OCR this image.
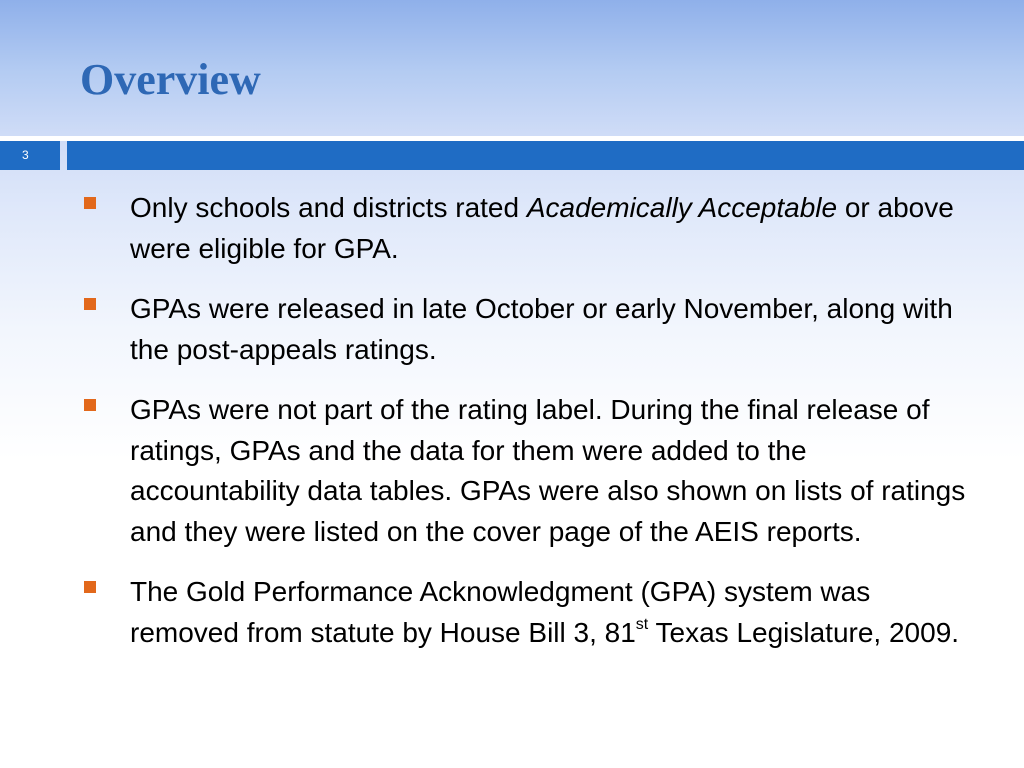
Overview
3
Only schools and districts rated Academically Acceptable or above were eligible for GPA.
GPAs were released in late October or early November, along with the post-appeals ratings.
GPAs were not part of the rating label. During the final release of ratings, GPAs and the data for them were added to the accountability data tables. GPAs were also shown on lists of ratings and they were listed on the cover page of the AEIS reports.
The Gold Performance Acknowledgment (GPA) system was removed from statute by House Bill 3, 81st Texas Legislature, 2009.
